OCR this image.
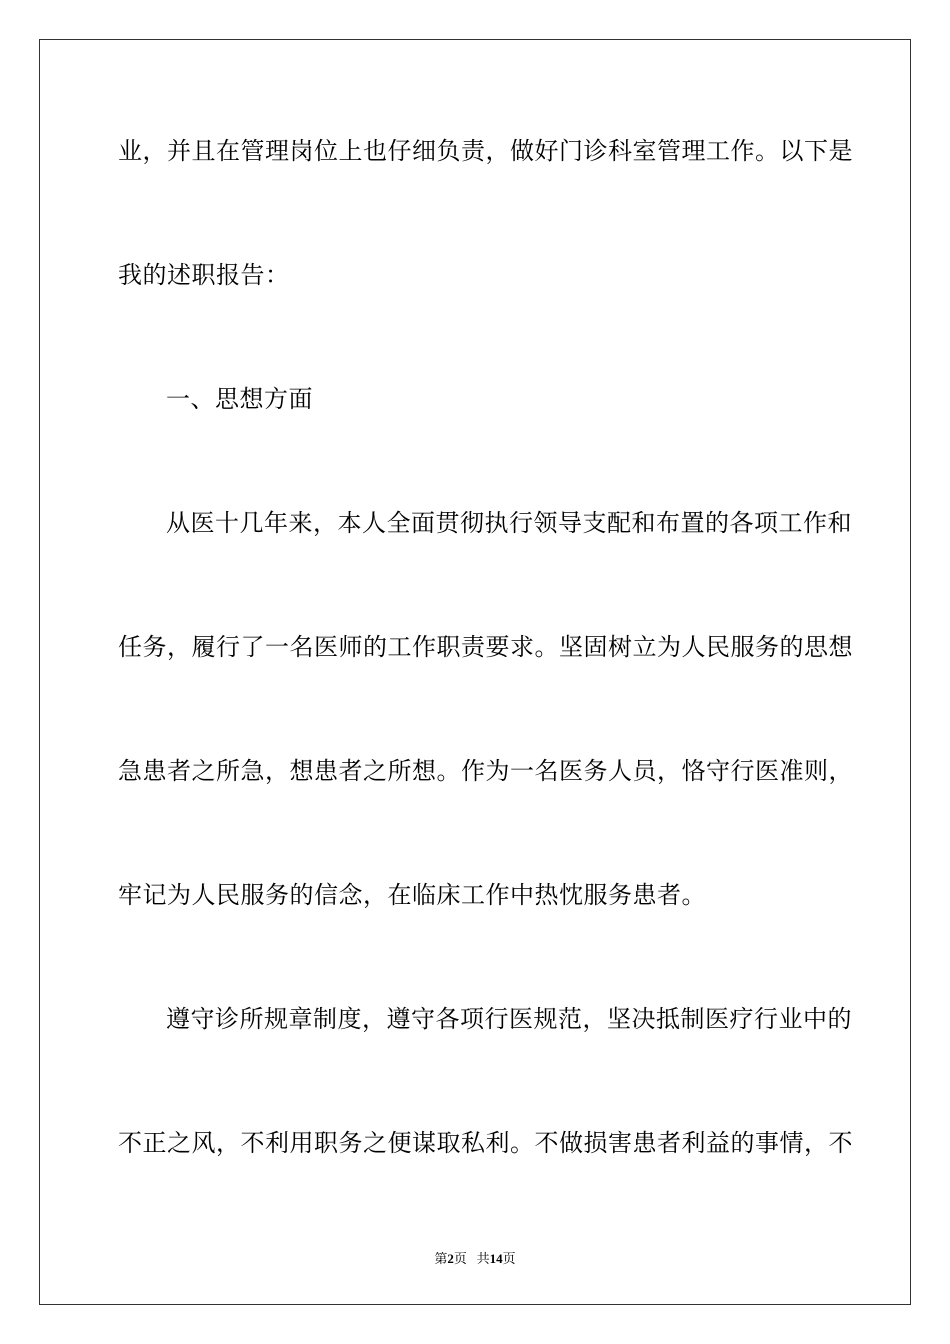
业，并且在管理岗位上也仔细负责，做好门诊科室管理工作。以下是
我的述职报告：
一、思想方面
从医十几年来，本人全面贯彻执行领导支配和布置的各项工作和
任务，履行了一名医师的工作职责要求。坚固树立为人民服务的思想
急患者之所急，想患者之所想。作为一名医务人员，恪守行医准则，
牢记为人民服务的信念，在临床工作中热忱服务患者。
遵守诊所规章制度，遵守各项行医规范，坚决抵制医疗行业中的
不正之风，不利用职务之便谋取私利。不做损害患者利益的事情，不
第2页 共14页
